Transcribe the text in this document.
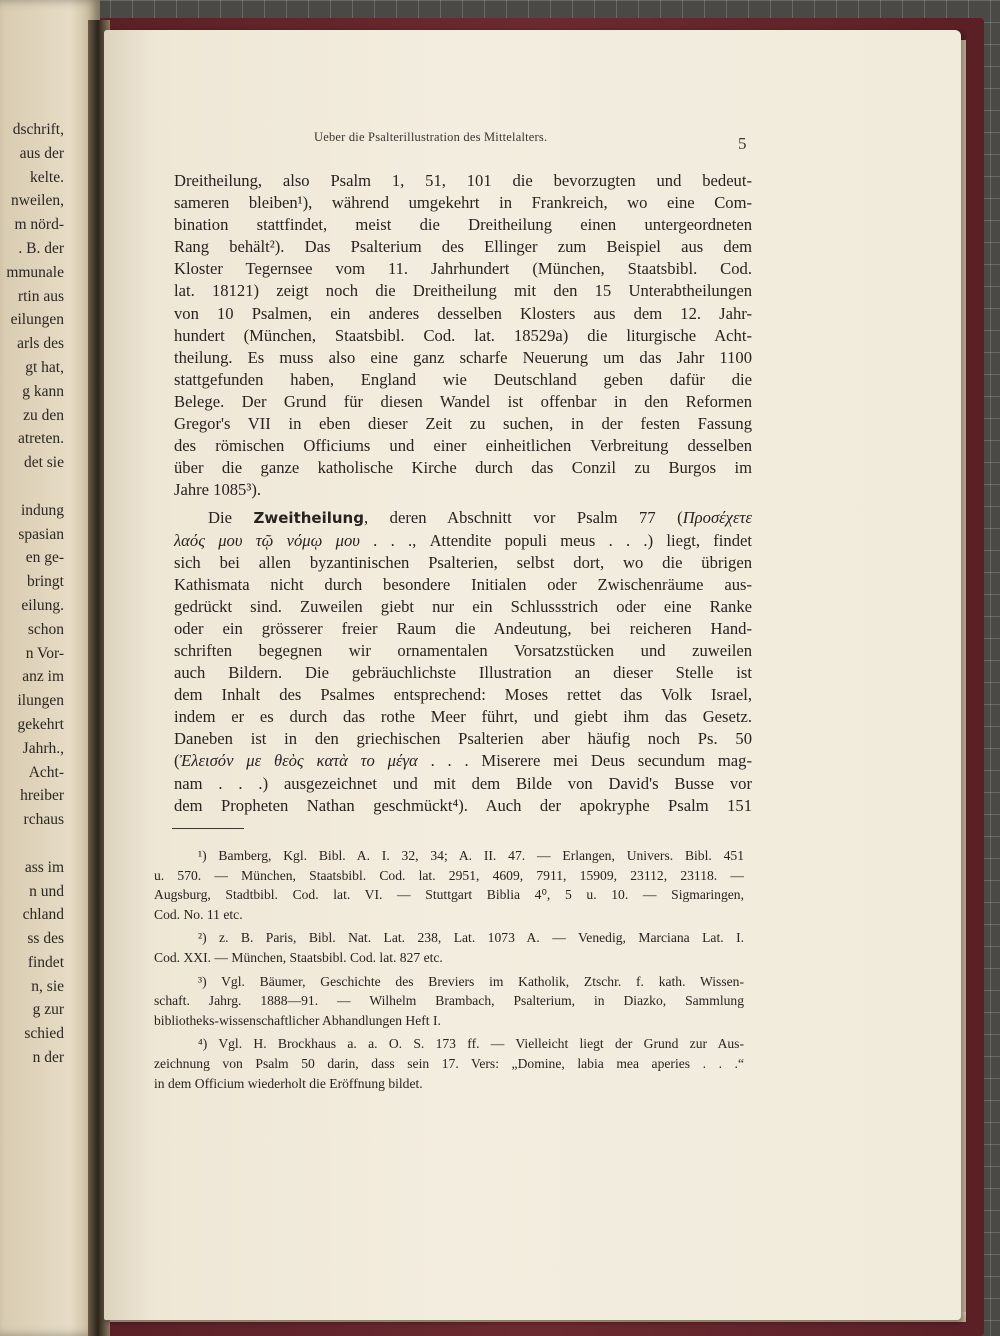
dschrift,
aus der
kelte.
nweilen,
m nörd-
. B. der
mmunale
rtin aus
eilungen
arls des
gt hat,
g kann
zu den
atreten.
det sie
indung
spasian
en ge-
bringt
eilung.
schon
n Vor-
anz im
ilungen
gekehrt
Jahrh.,
Acht-
hreiber
rchaus
ass im
n und
chland
ss des
findet
n, sie
g zur
schied
n der
Ueber die Psalterillustration des Mittelalters.	5
Dreitheilung, also Psalm 1, 51, 101 die bevorzugten und bedeut-
sameren bleiben¹), während umgekehrt in Frankreich, wo eine Com-
bination stattfindet, meist die Dreitheilung einen untergeordneten
Rang behält²). Das Psalterium des Ellinger zum Beispiel aus dem
Kloster Tegernsee vom 11. Jahrhundert (München, Staatsbibl. Cod.
lat. 18121) zeigt noch die Dreitheilung mit den 15 Unterabtheilungen
von 10 Psalmen, ein anderes desselben Klosters aus dem 12. Jahr-
hundert (München, Staatsbibl. Cod. lat. 18529a) die liturgische Acht-
theilung. Es muss also eine ganz scharfe Neuerung um das Jahr 1100
stattgefunden haben, England wie Deutschland geben dafür die
Belege. Der Grund für diesen Wandel ist offenbar in den Reformen
Gregor's VII in eben dieser Zeit zu suchen, in der festen Fassung
des römischen Officiums und einer einheitlichen Verbreitung desselben
über die ganze katholische Kirche durch das Conzil zu Burgos im
Jahre 1085³).
Die Zweitheilung, deren Abschnitt vor Psalm 77 (Προσέχετε
λαός μου τῷ νόμῳ μου . . ., Attendite populi meus . . .) liegt, findet
sich bei allen byzantinischen Psalterien, selbst dort, wo die übrigen
Kathismata nicht durch besondere Initialen oder Zwischenräume aus-
gedrückt sind. Zuweilen giebt nur ein Schlussstrich oder eine Ranke
oder ein grösserer freier Raum die Andeutung, bei reicheren Hand-
schriften begegnen wir ornamentalen Vorsatzstücken und zuweilen
auch Bildern. Die gebräuchlichste Illustration an dieser Stelle ist
dem Inhalt des Psalmes entsprechend: Moses rettet das Volk Israel,
indem er es durch das rothe Meer führt, und giebt ihm das Gesetz.
Daneben ist in den griechischen Psalterien aber häufig noch Ps. 50
(Ἐλεισόν με θεὸς κατὰ το μέγα . . . Miserere mei Deus secundum mag-
nam . . .) ausgezeichnet und mit dem Bilde von David's Busse vor
dem Propheten Nathan geschmückt⁴). Auch der apokryphe Psalm 151
¹) Bamberg, Kgl. Bibl. A. I. 32, 34; A. II. 47. — Erlangen, Univers. Bibl. 451
u. 570. — München, Staatsbibl. Cod. lat. 2951, 4609, 7911, 15909, 23112, 23118. —
Augsburg, Stadtbibl. Cod. lat. VI. — Stuttgart Biblia 4⁰, 5 u. 10. — Sigmaringen,
Cod. No. 11 etc.
²) z. B. Paris, Bibl. Nat. Lat. 238, Lat. 1073 A. — Venedig, Marciana Lat. I.
Cod. XXI. — München, Staatsbibl. Cod. lat. 827 etc.
³) Vgl. Bäumer, Geschichte des Breviers im Katholik, Ztschr. f. kath. Wissen-
schaft. Jahrg. 1888—91. — Wilhelm Brambach, Psalterium, in Diazko, Sammlung
bibliotheks-wissenschaftlicher Abhandlungen Heft I.
⁴) Vgl. H. Brockhaus a. a. O. S. 173 ff. — Vielleicht liegt der Grund zur Aus-
zeichnung von Psalm 50 darin, dass sein 17. Vers: „Domine, labia mea aperies . . .“
in dem Officium wiederholt die Eröffnung bildet.
